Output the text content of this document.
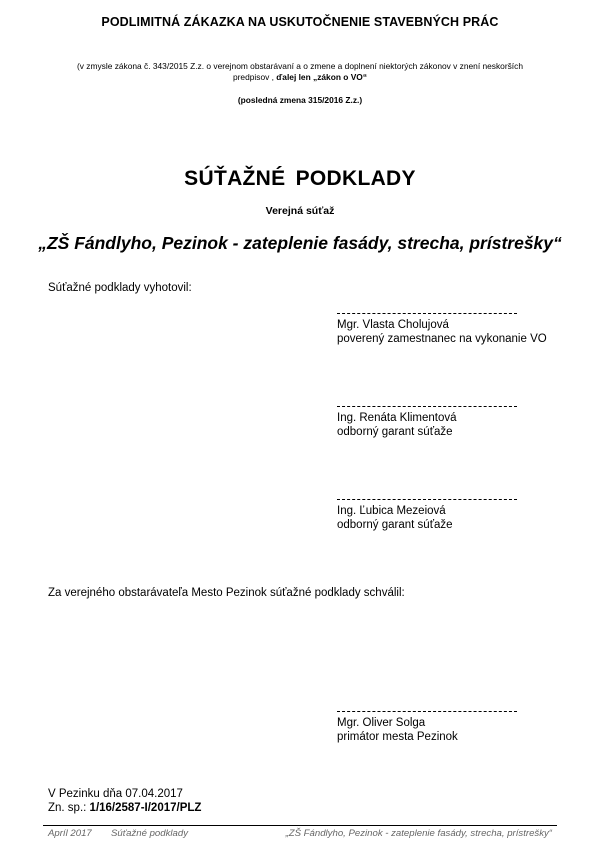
PODLIMITNÁ ZÁKAZKA NA USKUTOČNENIE STAVEBNÝCH PRÁC
(v zmysle zákona č. 343/2015 Z.z. o verejnom obstarávaní a o zmene a doplnení niektorých zákonov v znení neskorších
predpisov , ďalej len „zákon o VO“
(posledná zmena 315/2016 Z.z.)
SÚŤAŽNÉ PODKLADY
Verejná súťaž
„ZŠ Fándlyho, Pezinok - zateplenie fasády, strecha, prístrešky“
Súťažné podklady vyhotovil:
Mgr. Vlasta Cholujová
poverený zamestnanec na vykonanie VO
Ing. Renáta Klimentová
odborný garant súťaže
Ing. Ľubica Mezeiová
odborný garant súťaže
Za verejného obstarávateľa Mesto Pezinok súťažné podklady schválil:
Mgr. Oliver Solga
primátor mesta Pezinok
V Pezinku dňa 07.04.2017
Zn. sp.: 1/16/2587-I/2017/PLZ
Apríl 2017 Súťažné podklady	„ZŠ Fándlyho, Pezinok - zateplenie fasády, strecha, prístrešky“
